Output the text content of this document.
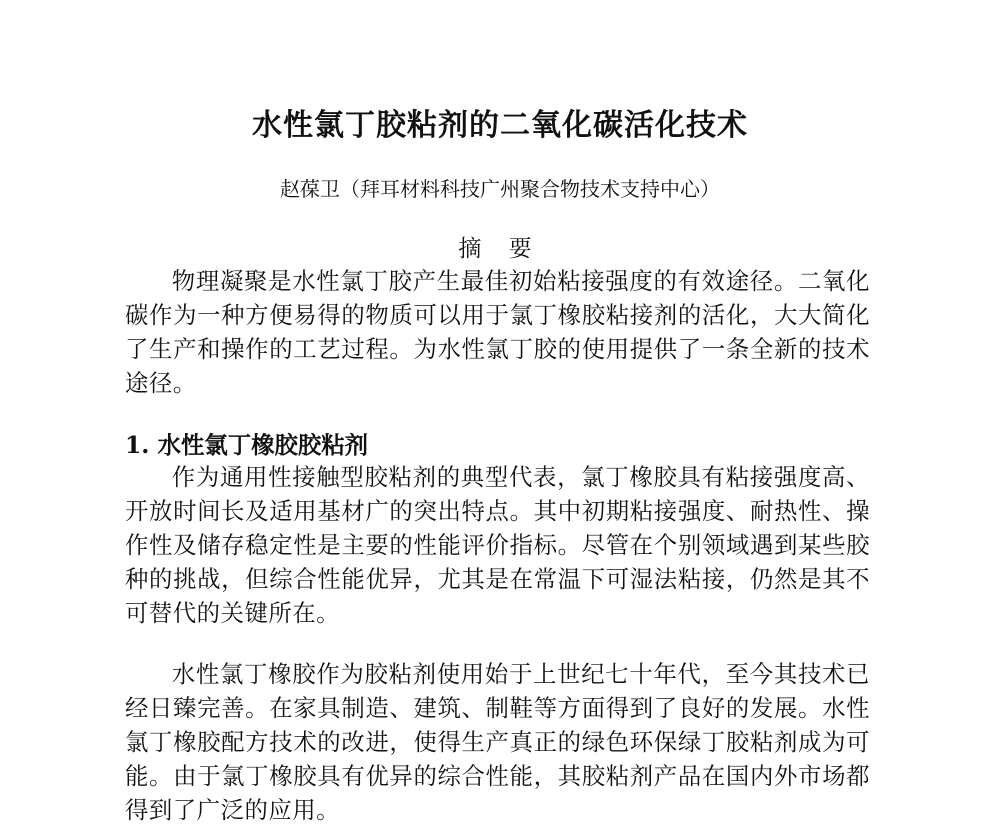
水性氯丁胶粘剂的二氧化碳活化技术
赵葆卫（拜耳材料科技广州聚合物技术支持中心）
摘 要

物理凝聚是水性氯丁胶产生最佳初始粘接强度的有效途径。二氧化碳作为一种方便易得的物质可以用于氯丁橡胶粘接剂的活化，大大简化了生产和操作的工艺过程。为水性氯丁胶的使用提供了一条全新的技术途径。

1. 水性氯丁橡胶胶粘剂

作为通用性接触型胶粘剂的典型代表，氯丁橡胶具有粘接强度高、开放时间长及适用基材广的突出特点。其中初期粘接强度、耐热性、操作性及储存稳定性是主要的性能评价指标。尽管在个别领域遇到某些胶种的挑战，但综合性能优异，尤其是在常温下可湿法粘接，仍然是其不可替代的关键所在。

水性氯丁橡胶作为胶粘剂使用始于上世纪七十年代，至今其技术已经日臻完善。在家具制造、建筑、制鞋等方面得到了良好的发展。水性氯丁橡胶配方技术的改进，使得生产真正的绿色环保绿丁胶粘剂成为可能。由于氯丁橡胶具有优异的综合性能，其胶粘剂产品在国内外市场都得到了广泛的应用。
